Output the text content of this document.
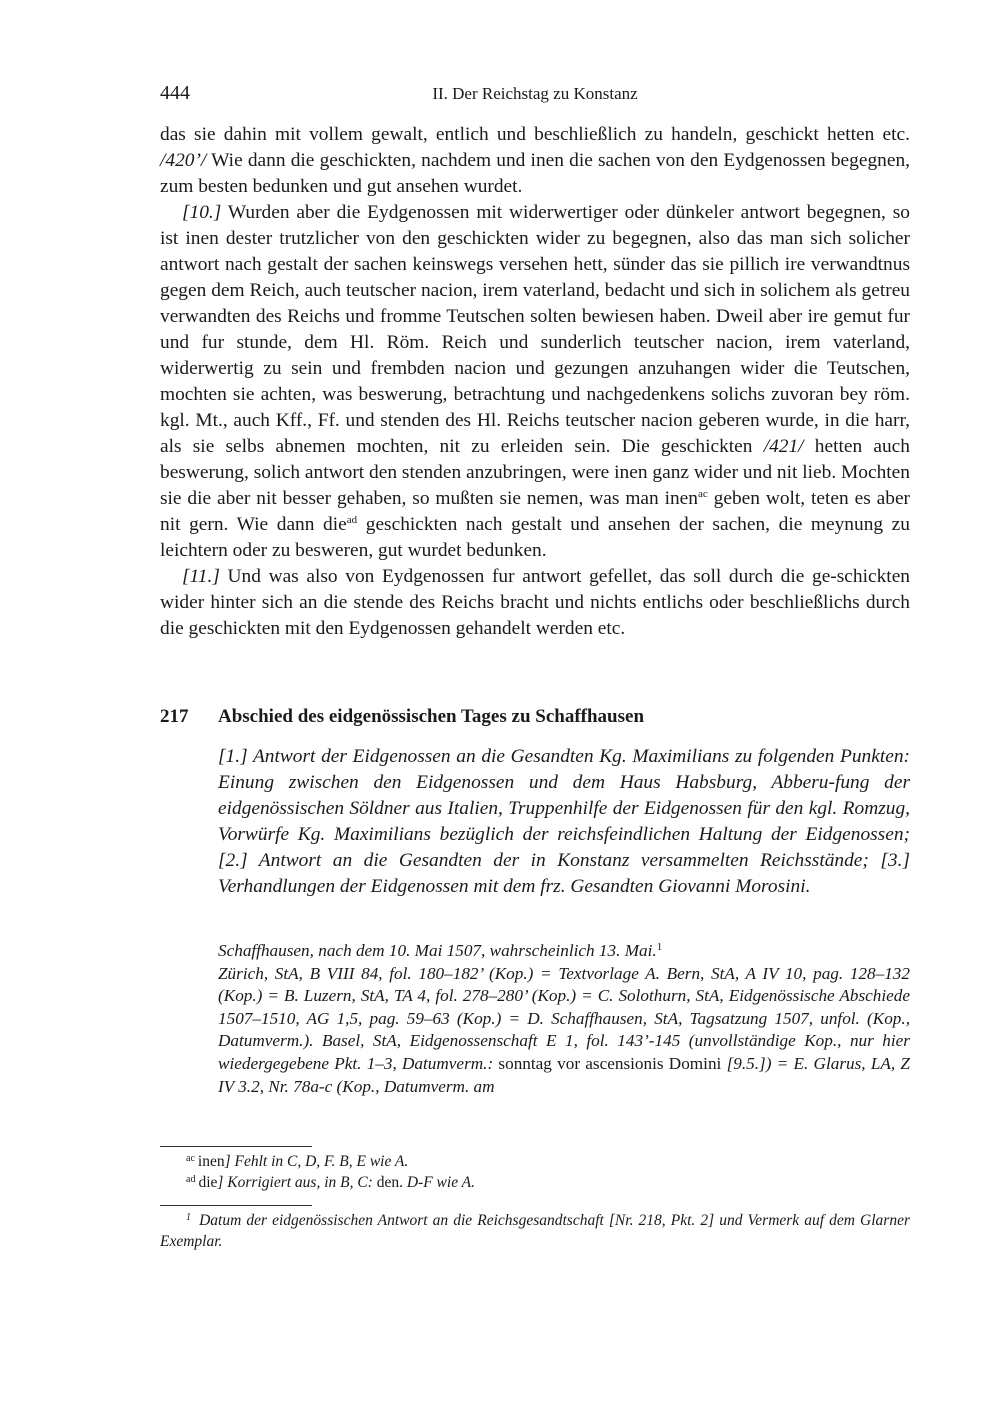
444	II. Der Reichstag zu Konstanz

das sie dahin mit vollem gewalt, entlich und beschließlich zu handeln, geschickt hetten etc. /420’/ Wie dann die geschickten, nachdem und inen die sachen von den Eydgenossen begegnen, zum besten bedunken und gut ansehen wurdet.

[10.] Wurden aber die Eydgenossen mit widerwertiger oder dünkeler antwort begegnen, so ist inen dester trutzlicher von den geschickten wider zu begegnen, also das man sich solicher antwort nach gestalt der sachen keinswegs versehen hett, sünder das sie pillich ire verwandtnus gegen dem Reich, auch teutscher nacion, irem vaterland, bedacht und sich in solichem als getreu verwandten des Reichs und fromme Teutschen solten bewiesen haben. Dweil aber ire gemut fur und fur stunde, dem Hl. Röm. Reich und sunderlich teutscher nacion, irem vaterland, widerwertig zu sein und frembden nacion und gezungen anzuhangen wider die Teutschen, mochten sie achten, was beswerung, betrachtung und nachgedenkens solichs zuvoran bey röm. kgl. Mt., auch Kff., Ff. und stenden des Hl. Reichs teutscher nacion geberen wurde, in die harr, als sie selbs abnemen mochten, nit zu erleiden sein. Die geschickten /421/ hetten auch beswerung, solich antwort den stenden anzubringen, were inen ganz wider und nit lieb. Mochten sie die aber nit besser gehaben, so mußten sie nemen, was man inen$^{ac}$ geben wolt, teten es aber nit gern. Wie dann die$^{ad}$ geschickten nach gestalt und ansehen der sachen, die meynung zu leichtern oder zu besweren, gut wurdet bedunken.

[11.] Und was also von Eydgenossen fur antwort gefellet, das soll durch die ge-schickten wider hinter sich an die stende des Reichs bracht und nichts entlichs oder beschließlichs durch die geschickten mit den Eydgenossen gehandelt werden etc.

217 Abschied des eidgenössischen Tages zu Schaffhausen

[1.] Antwort der Eidgenossen an die Gesandten Kg. Maximilians zu folgenden Punkten: Einung zwischen den Eidgenossen und dem Haus Habsburg, Abberu-fung der eidgenössischen Söldner aus Italien, Truppenhilfe der Eidgenossen für den kgl. Romzug, Vorwürfe Kg. Maximilians bezüglich der reichsfeindlichen Haltung der Eidgenossen; [2.] Antwort an die Gesandten der in Konstanz versammelten Reichsstände; [3.] Verhandlungen der Eidgenossen mit dem frz. Gesandten Giovanni Morosini.

Schaffhausen, nach dem 10. Mai 1507, wahrscheinlich 13. Mai.$^1$
Zürich, StA, B VIII 84, fol. 180–182’ (Kop.) = Textvorlage A. Bern, StA, A IV 10, pag. 128–132 (Kop.) = B. Luzern, StA, TA 4, fol. 278–280’ (Kop.) = C. Solothurn, StA, Eidgenössische Abschiede 1507–1510, AG 1,5, pag. 59–63 (Kop.) = D. Schaffhausen, StA, Tagsatzung 1507, unfol. (Kop., Datumverm.). Basel, StA, Eidgenossenschaft E 1, fol. 143’-145 (unvollständige Kop., nur hier wiedergegebene Pkt. 1–3, Datumverm.: sonntag vor ascensionis Domini [9.5.]) = E. Glarus, LA, Z IV 3.2, Nr. 78a-c (Kop., Datumverm. am

$^{ac}$ inen] Fehlt in C, D, F. B, E wie A.

$^{ad}$ die] Korrigiert aus, in B, C: den. D-F wie A.

$^1$ Datum der eidgenössischen Antwort an die Reichsgesandtschaft [Nr. 218, Pkt. 2] und Vermerk auf dem Glarner Exemplar.
